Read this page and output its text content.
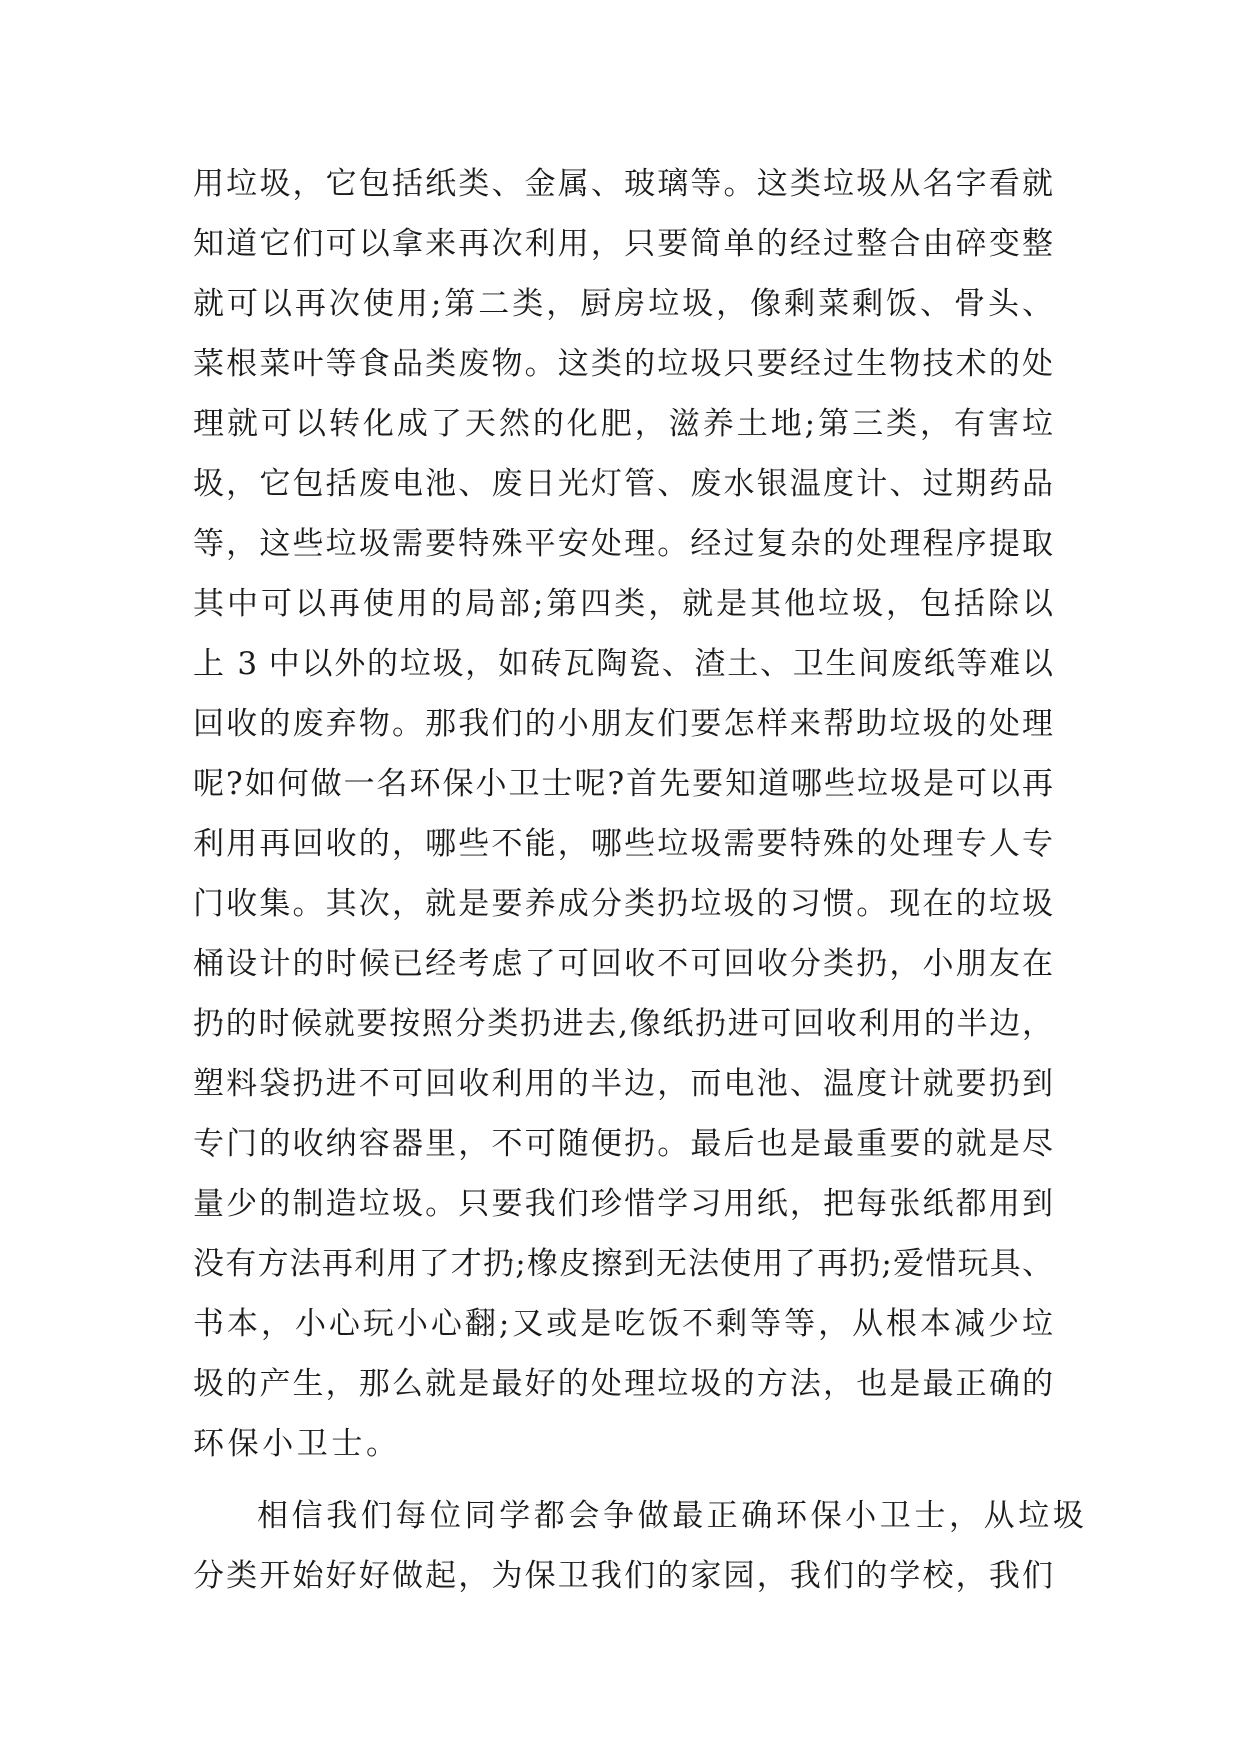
用垃圾，它包括纸类、金属、玻璃等。这类垃圾从名字看就
知道它们可以拿来再次利用，只要简单的经过整合由碎变整
就可以再次使用;第二类，厨房垃圾，像剩菜剩饭、骨头、
菜根菜叶等食品类废物。这类的垃圾只要经过生物技术的处
理就可以转化成了天然的化肥，滋养土地;第三类，有害垃
圾，它包括废电池、废日光灯管、废水银温度计、过期药品
等，这些垃圾需要特殊平安处理。经过复杂的处理程序提取
其中可以再使用的局部;第四类，就是其他垃圾，包括除以
上 3 中以外的垃圾，如砖瓦陶瓷、渣土、卫生间废纸等难以
回收的废弃物。那我们的小朋友们要怎样来帮助垃圾的处理
呢?如何做一名环保小卫士呢?首先要知道哪些垃圾是可以再
利用再回收的，哪些不能，哪些垃圾需要特殊的处理专人专
门收集。其次，就是要养成分类扔垃圾的习惯。现在的垃圾
桶设计的时候已经考虑了可回收不可回收分类扔，小朋友在
扔的时候就要按照分类扔进去,像纸扔进可回收利用的半边，
塑料袋扔进不可回收利用的半边，而电池、温度计就要扔到
专门的收纳容器里，不可随便扔。最后也是最重要的就是尽
量少的制造垃圾。只要我们珍惜学习用纸，把每张纸都用到
没有方法再利用了才扔;橡皮擦到无法使用了再扔;爱惜玩具、
书本，小心玩小心翻;又或是吃饭不剩等等，从根本减少垃
圾的产生，那么就是最好的处理垃圾的方法，也是最正确的
环保小卫士。
相信我们每位同学都会争做最正确环保小卫士，从垃圾
分类开始好好做起，为保卫我们的家园，我们的学校，我们
